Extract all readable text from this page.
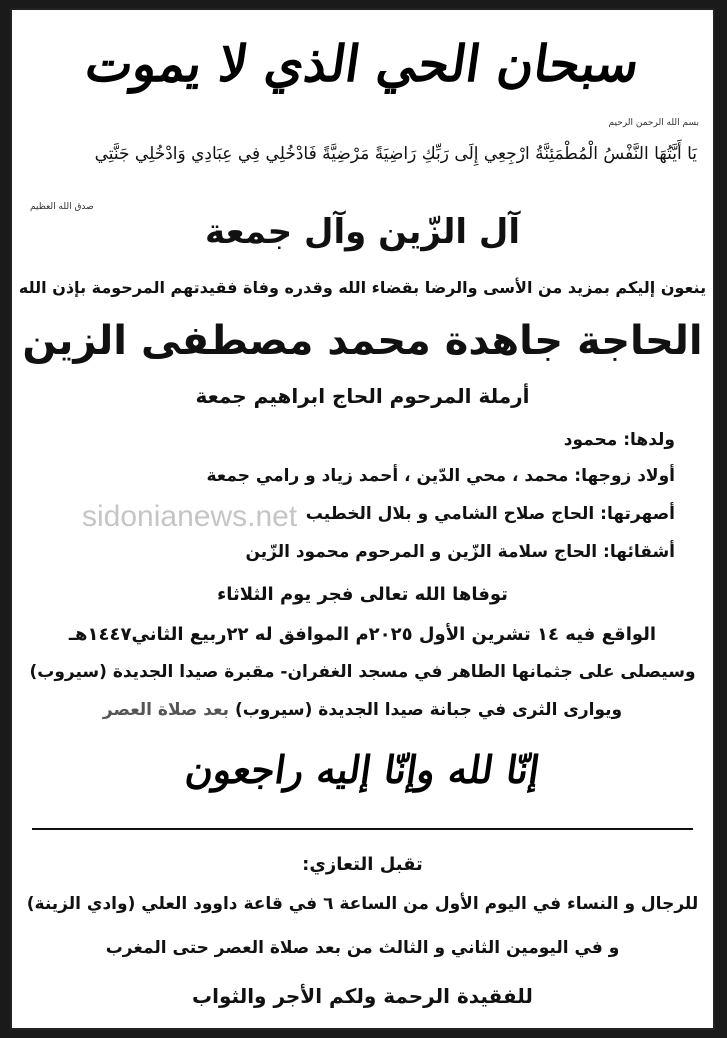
سبحان الحي الذي لا يموت
بسم الله الرحمن الرحيم
يَا أَيَّتُهَا النَّفْسُ الْمُطْمَئِنَّةُ ارْجِعِي إِلَى رَبِّكِ رَاضِيَةً مَرْضِيَّةً فَادْخُلِي فِي عِبَادِي وَادْخُلِي جَنَّتِي
صدق الله العظيم
آل الزّين وآل جمعة
ينعون إليكم بمزيد من الأسى والرضا بقضاء الله وقدره وفاة فقيدتهم المرحومة بإذن الله
الحاجة جاهدة محمد مصطفى الزين
أرملة المرحوم الحاج ابراهيم جمعة
ولدها: محمود
أولاد زوجها: محمد ، محي الدّين ، أحمد زياد و رامي جمعة
أصهرتها: الحاج صلاح الشامي و بلال الخطيب
أشقائها: الحاج سلامة الزّين و المرحوم محمود الزّين
sidonianews.net
توفاها الله تعالى فجر يوم الثلاثاء
الواقع فيه ١٤ تشرين الأول ٢٠٢٥م الموافق له ٢٢ربيع الثاني١٤٤٧هـ
وسيصلى على جثمانها الطاهر في مسجد الغفران- مقبرة صيدا الجديدة (سيروب)
ويوارى الثرى في جبانة صيدا الجديدة (سيروب) بعد صلاة العصر
إنّا لله وإنّا إليه راجعون
تقبل التعازي:
للرجال و النساء في اليوم الأول من الساعة ٦ في قاعة داوود العلي (وادي الزينة)
و في اليومين الثاني و الثالث من بعد صلاة العصر حتى المغرب
للفقيدة الرحمة ولكم الأجر والثواب
